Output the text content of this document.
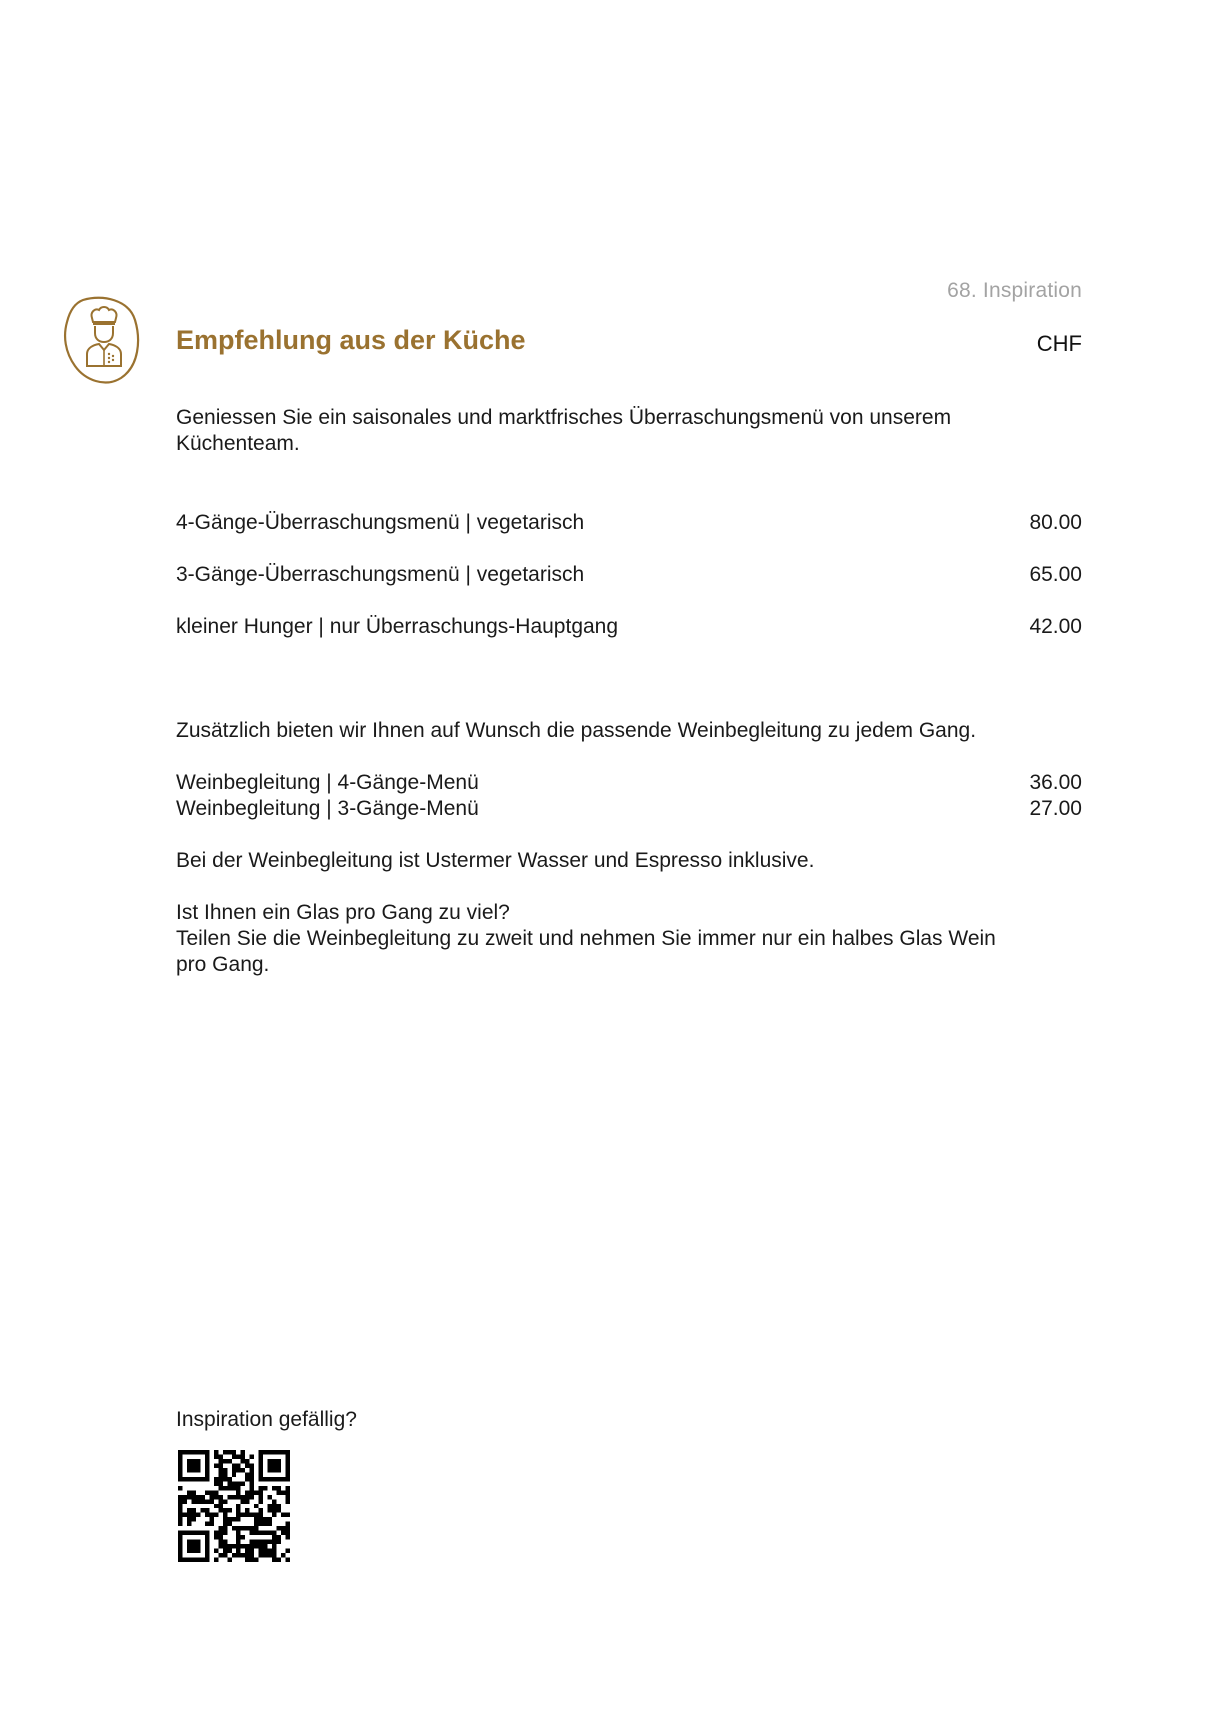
68. Inspiration
Empfehlung aus der Küche	CHF
Geniessen Sie ein saisonales und marktfrisches Überraschungsmenü von unserem
Küchenteam.
4-Gänge-Überraschungsmenü | vegetarisch	80.00
3-Gänge-Überraschungsmenü | vegetarisch	65.00
kleiner Hunger | nur Überraschungs-Hauptgang	42.00
Zusätzlich bieten wir Ihnen auf Wunsch die passende Weinbegleitung zu jedem Gang.
Weinbegleitung | 4-Gänge-Menü	36.00
Weinbegleitung | 3-Gänge-Menü	27.00
Bei der Weinbegleitung ist Ustermer Wasser und Espresso inklusive.
Ist Ihnen ein Glas pro Gang zu viel?
Teilen Sie die Weinbegleitung zu zweit und nehmen Sie immer nur ein halbes Glas Wein
pro Gang.
Inspiration gefällig?
